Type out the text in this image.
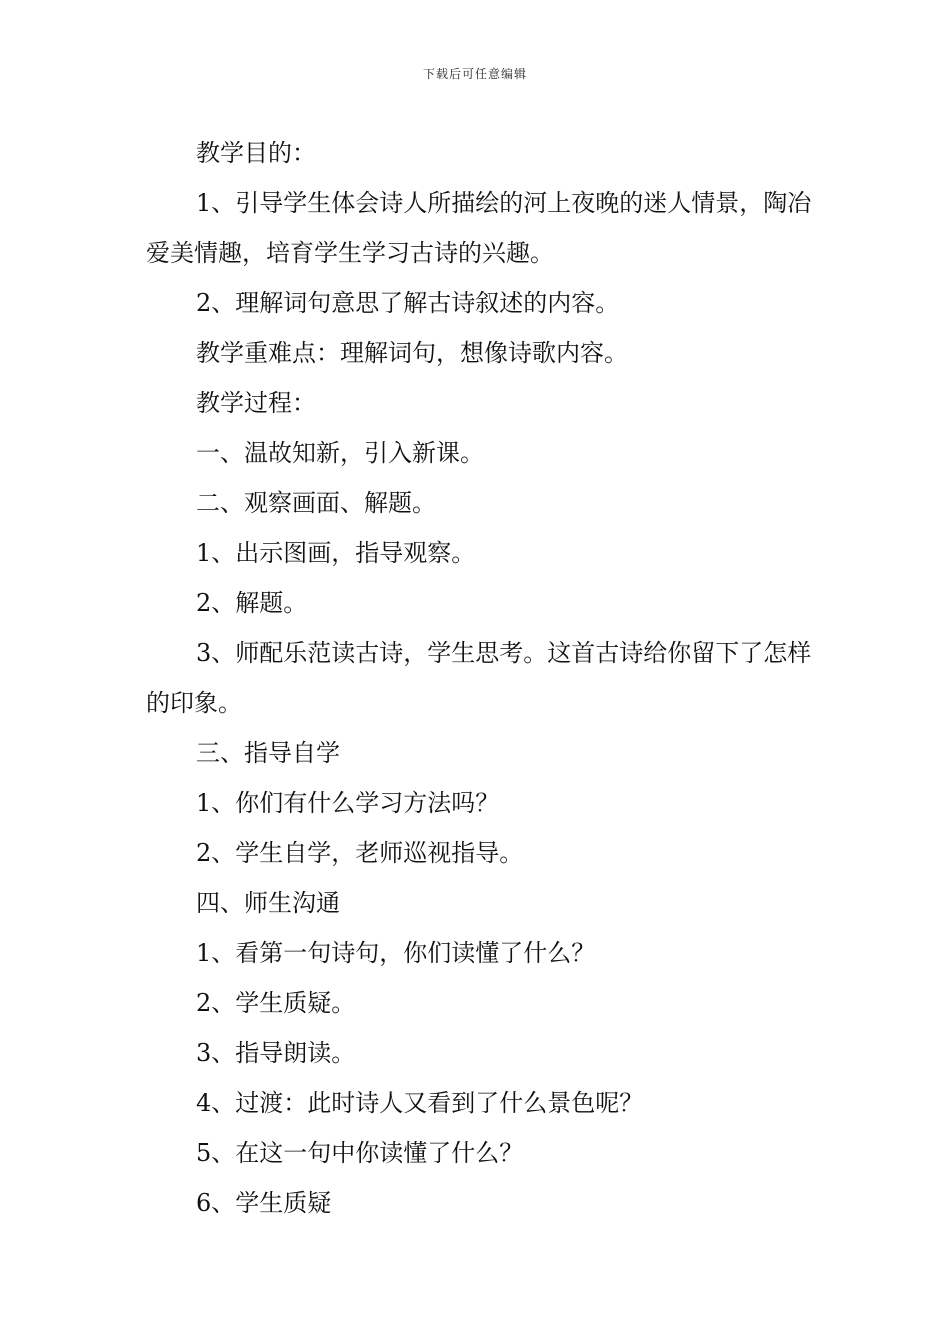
下载后可任意编辑

教学目的：

1、引导学生体会诗人所描绘的河上夜晚的迷人情景，陶冶爱美情趣，培育学生学习古诗的兴趣。

2、理解词句意思了解古诗叙述的内容。

教学重难点：理解词句，想像诗歌内容。

教学过程：

一、温故知新，引入新课。

二、观察画面、解题。

1、出示图画，指导观察。

2、解题。

3、师配乐范读古诗，学生思考。这首古诗给你留下了怎样的印象。

三、指导自学

1、你们有什么学习方法吗？

2、学生自学，老师巡视指导。

四、师生沟通

1、看第一句诗句，你们读懂了什么？

2、学生质疑。

3、指导朗读。

4、过渡：此时诗人又看到了什么景色呢？

5、在这一句中你读懂了什么？

6、学生质疑
